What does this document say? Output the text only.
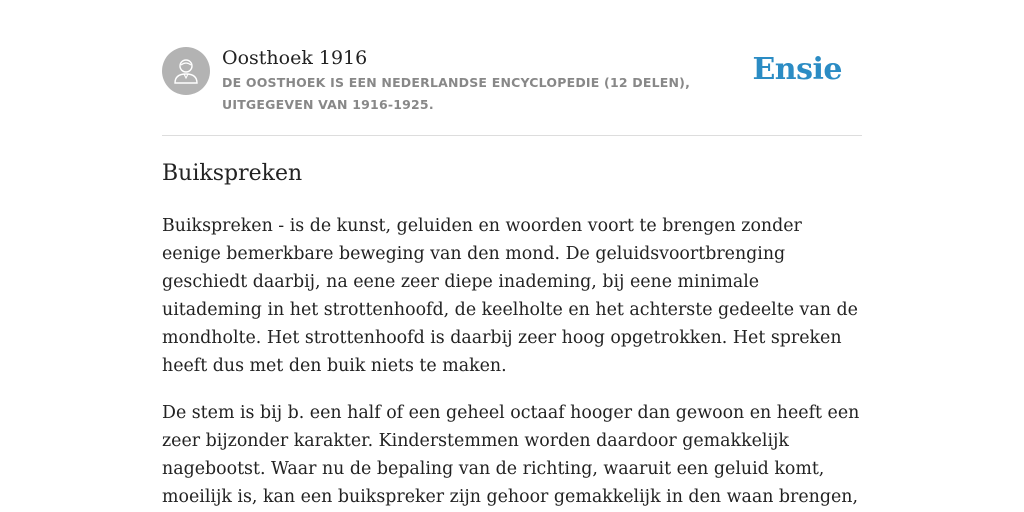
Oosthoek 1916
DE OOSTHOEK IS EEN NEDERLANDSE ENCYCLOPEDIE (12 DELEN), UITGEGEVEN VAN 1916-1925.
Ensie
Buikspreken

Buikspreken - is de kunst, geluiden en woorden voort te brengen zonder eenige bemerkbare beweging van den mond. De geluidsvoortbrenging geschiedt daarbij, na eene zeer diepe inademing, bij eene minimale uitademing in het strottenhoofd, de keelholte en het achterste gedeelte van de mondholte. Het strottenhoofd is daarbij zeer hoog opgetrokken. Het spreken heeft dus met den buik niets te maken.

De stem is bij b. een half of een geheel octaaf hooger dan gewoon en heeft een zeer bijzonder karakter. Kinderstemmen worden daardoor gemakkelijk nagebootst. Waar nu de bepaling van de richting, waaruit een geluid komt, moeilijk is, kan een buikspreker zijn gehoor gemakkelijk in den waan brengen,
